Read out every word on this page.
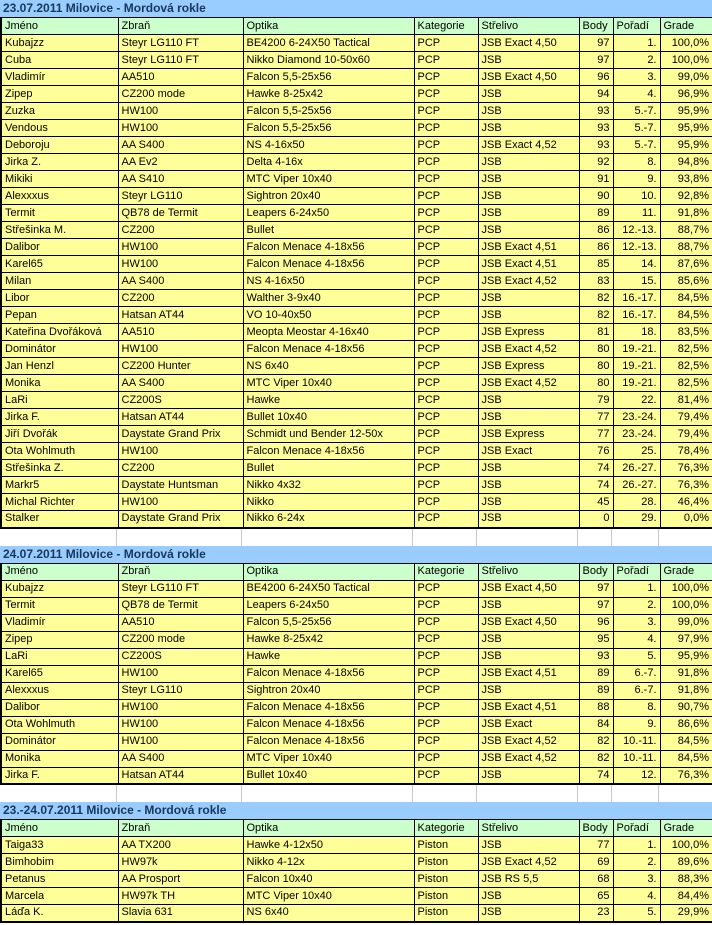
23.07.2011 Milovice - Mordová rokle
Jméno	Zbraň	Optika	Kategorie	Střelivo	Body	Pořadí	Grade
Kubajzz	Steyr LG110 FT	BE4200 6-24X50 Tactical	PCP	JSB Exact 4,50	97	1.	100,0%
Cuba	Steyr LG110 FT	Nikko Diamond 10-50x60	PCP	JSB	97	2.	100,0%
Vladimír	AA510	Falcon 5,5-25x56	PCP	JSB Exact 4,50	96	3.	99,0%
Zipep	CZ200 mode	Hawke 8-25x42	PCP	JSB	94	4.	96,9%
Zuzka	HW100	Falcon 5,5-25x56	PCP	JSB	93	5.-7.	95,9%
Vendous	HW100	Falcon 5,5-25x56	PCP	JSB	93	5.-7.	95,9%
Deboroju	AA S400	NS 4-16x50	PCP	JSB Exact 4,52	93	5.-7.	95,9%
Jirka Z.	AA Ev2	Delta 4-16x	PCP	JSB	92	8.	94,8%
Mikiki	AA S410	MTC Viper 10x40	PCP	JSB	91	9.	93,8%
Alexxxus	Steyr LG110	Sightron 20x40	PCP	JSB	90	10.	92,8%
Termit	QB78 de Termit	Leapers 6-24x50	PCP	JSB	89	11.	91,8%
Střešinka M.	CZ200	Bullet	PCP	JSB	86	12.-13.	88,7%
Dalibor	HW100	Falcon Menace 4-18x56	PCP	JSB Exact 4,51	86	12.-13.	88,7%
Karel65	HW100	Falcon Menace 4-18x56	PCP	JSB Exact 4,51	85	14.	87,6%
Milan	AA S400	NS 4-16x50	PCP	JSB Exact 4,52	83	15.	85,6%
Libor	CZ200	Walther 3-9x40	PCP	JSB	82	16.-17.	84,5%
Pepan	Hatsan AT44	VO 10-40x50	PCP	JSB	82	16.-17.	84,5%
Kateřina Dvořáková	AA510	Meopta Meostar 4-16x40	PCP	JSB Express	81	18.	83,5%
Dominátor	HW100	Falcon Menace 4-18x56	PCP	JSB Exact 4,52	80	19.-21.	82,5%
Jan Henzl	CZ200 Hunter	NS 6x40	PCP	JSB Express	80	19.-21.	82,5%
Monika	AA S400	MTC Viper 10x40	PCP	JSB Exact 4,52	80	19.-21.	82,5%
LaRi	CZ200S	Hawke	PCP	JSB	79	22.	81,4%
Jirka F.	Hatsan AT44	Bullet 10x40	PCP	JSB	77	23.-24.	79,4%
Jiří Dvořák	Daystate Grand Prix	Schmidt und Bender 12-50x	PCP	JSB Express	77	23.-24.	79,4%
Ota Wohlmuth	HW100	Falcon Menace 4-18x56	PCP	JSB Exact	76	25.	78,4%
Střešinka Z.	CZ200	Bullet	PCP	JSB	74	26.-27.	76,3%
Markr5	Daystate Huntsman	Nikko 4x32	PCP	JSB	74	26.-27.	76,3%
Michal Richter	HW100	Nikko	PCP	JSB	45	28.	46,4%
Stalker	Daystate Grand Prix	Nikko 6-24x	PCP	JSB	0	29.	0,0%
24.07.2011 Milovice - Mordová rokle
Jméno	Zbraň	Optika	Kategorie	Střelivo	Body	Pořadí	Grade
Kubajzz	Steyr LG110 FT	BE4200 6-24X50 Tactical	PCP	JSB Exact 4,50	97	1.	100,0%
Termit	QB78 de Termit	Leapers 6-24x50	PCP	JSB	97	2.	100,0%
Vladimír	AA510	Falcon 5,5-25x56	PCP	JSB Exact 4,50	96	3.	99,0%
Zipep	CZ200 mode	Hawke 8-25x42	PCP	JSB	95	4.	97,9%
LaRi	CZ200S	Hawke	PCP	JSB	93	5.	95,9%
Karel65	HW100	Falcon Menace 4-18x56	PCP	JSB Exact 4,51	89	6.-7.	91,8%
Alexxxus	Steyr LG110	Sightron 20x40	PCP	JSB	89	6.-7.	91,8%
Dalibor	HW100	Falcon Menace 4-18x56	PCP	JSB Exact 4,51	88	8.	90,7%
Ota Wohlmuth	HW100	Falcon Menace 4-18x56	PCP	JSB Exact	84	9.	86,6%
Dominátor	HW100	Falcon Menace 4-18x56	PCP	JSB Exact 4,52	82	10.-11.	84,5%
Monika	AA S400	MTC Viper 10x40	PCP	JSB Exact 4,52	82	10.-11.	84,5%
Jirka F.	Hatsan AT44	Bullet 10x40	PCP	JSB	74	12.	76,3%
23.-24.07.2011 Milovice - Mordová rokle
Jméno	Zbraň	Optika	Kategorie	Střelivo	Body	Pořadí	Grade
Taiga33	AA TX200	Hawke 4-12x50	Piston	JSB	77	1.	100,0%
Bimhobim	HW97k	Nikko 4-12x	Piston	JSB Exact 4,52	69	2.	89,6%
Petanus	AA Prosport	Falcon 10x40	Piston	JSB RS 5,5	68	3.	88,3%
Marcela	HW97k TH	MTC Viper 10x40	Piston	JSB	65	4.	84,4%
Láďa K.	Slavia 631	NS 6x40	Piston	JSB	23	5.	29,9%
